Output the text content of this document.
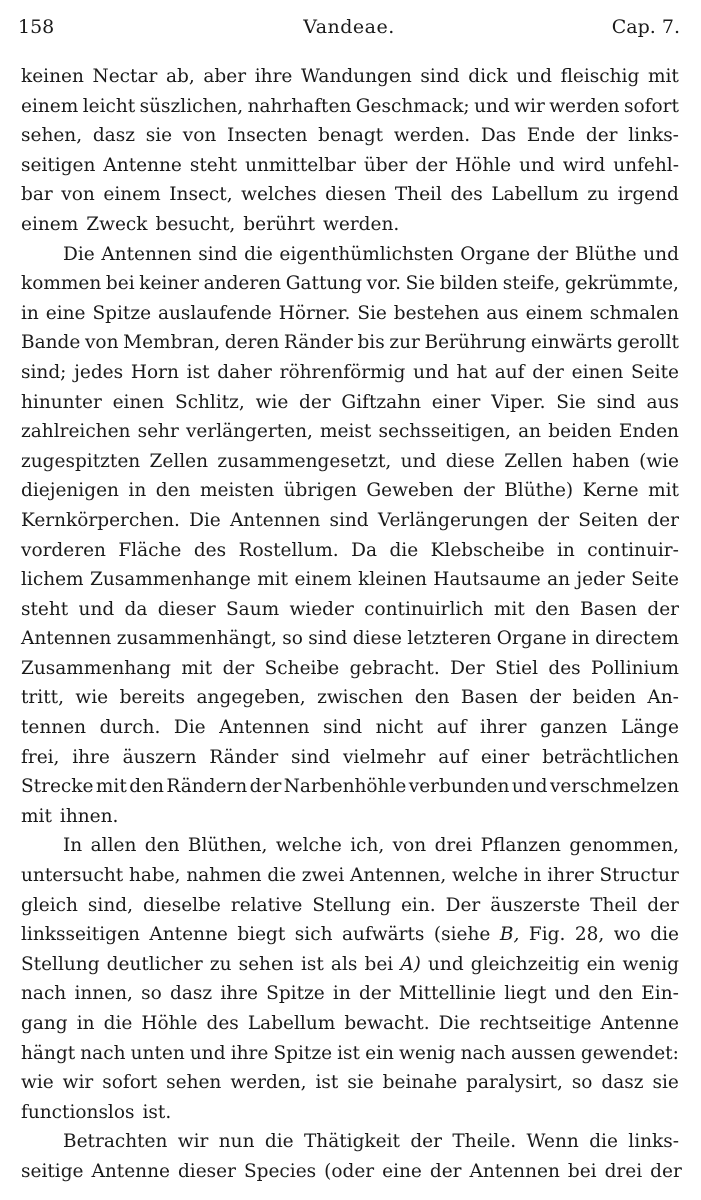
158	Vandeae.	Cap. 7.
keinen Nectar ab, aber ihre Wandungen sind dick und fleischig mit
einem leicht süszlichen, nahrhaften Geschmack; und wir werden sofort
sehen, dasz sie von Insecten benagt werden. Das Ende der links-
seitigen Antenne steht unmittelbar über der Höhle und wird unfehl-
bar von einem Insect, welches diesen Theil des Labellum zu irgend
einem Zweck besucht, berührt werden.
Die Antennen sind die eigenthümlichsten Organe der Blüthe und
kommen bei keiner anderen Gattung vor. Sie bilden steife, gekrümmte,
in eine Spitze auslaufende Hörner. Sie bestehen aus einem schmalen
Bande von Membran, deren Ränder bis zur Berührung einwärts gerollt
sind; jedes Horn ist daher röhrenförmig und hat auf der einen Seite
hinunter einen Schlitz, wie der Giftzahn einer Viper. Sie sind aus
zahlreichen sehr verlängerten, meist sechsseitigen, an beiden Enden
zugespitzten Zellen zusammengesetzt, und diese Zellen haben (wie
diejenigen in den meisten übrigen Geweben der Blüthe) Kerne mit
Kernkörperchen. Die Antennen sind Verlängerungen der Seiten der
vorderen Fläche des Rostellum. Da die Klebscheibe in continuir-
lichem Zusammenhange mit einem kleinen Hautsaume an jeder Seite
steht und da dieser Saum wieder continuirlich mit den Basen der
Antennen zusammenhängt, so sind diese letzteren Organe in directem
Zusammenhang mit der Scheibe gebracht. Der Stiel des Pollinium
tritt, wie bereits angegeben, zwischen den Basen der beiden An-
tennen durch. Die Antennen sind nicht auf ihrer ganzen Länge
frei, ihre äuszern Ränder sind vielmehr auf einer beträchtlichen
Strecke mit den Rändern der Narbenhöhle verbunden und verschmelzen
mit ihnen.
In allen den Blüthen, welche ich, von drei Pflanzen genommen,
untersucht habe, nahmen die zwei Antennen, welche in ihrer Structur
gleich sind, dieselbe relative Stellung ein. Der äuszerste Theil der
linksseitigen Antenne biegt sich aufwärts (siehe B, Fig. 28, wo die
Stellung deutlicher zu sehen ist als bei A) und gleichzeitig ein wenig
nach innen, so dasz ihre Spitze in der Mittellinie liegt und den Ein-
gang in die Höhle des Labellum bewacht. Die rechtseitige Antenne
hängt nach unten und ihre Spitze ist ein wenig nach aussen gewendet:
wie wir sofort sehen werden, ist sie beinahe paralysirt, so dasz sie
functionslos ist.
Betrachten wir nun die Thätigkeit der Theile. Wenn die links-
seitige Antenne dieser Species (oder eine der Antennen bei drei der
